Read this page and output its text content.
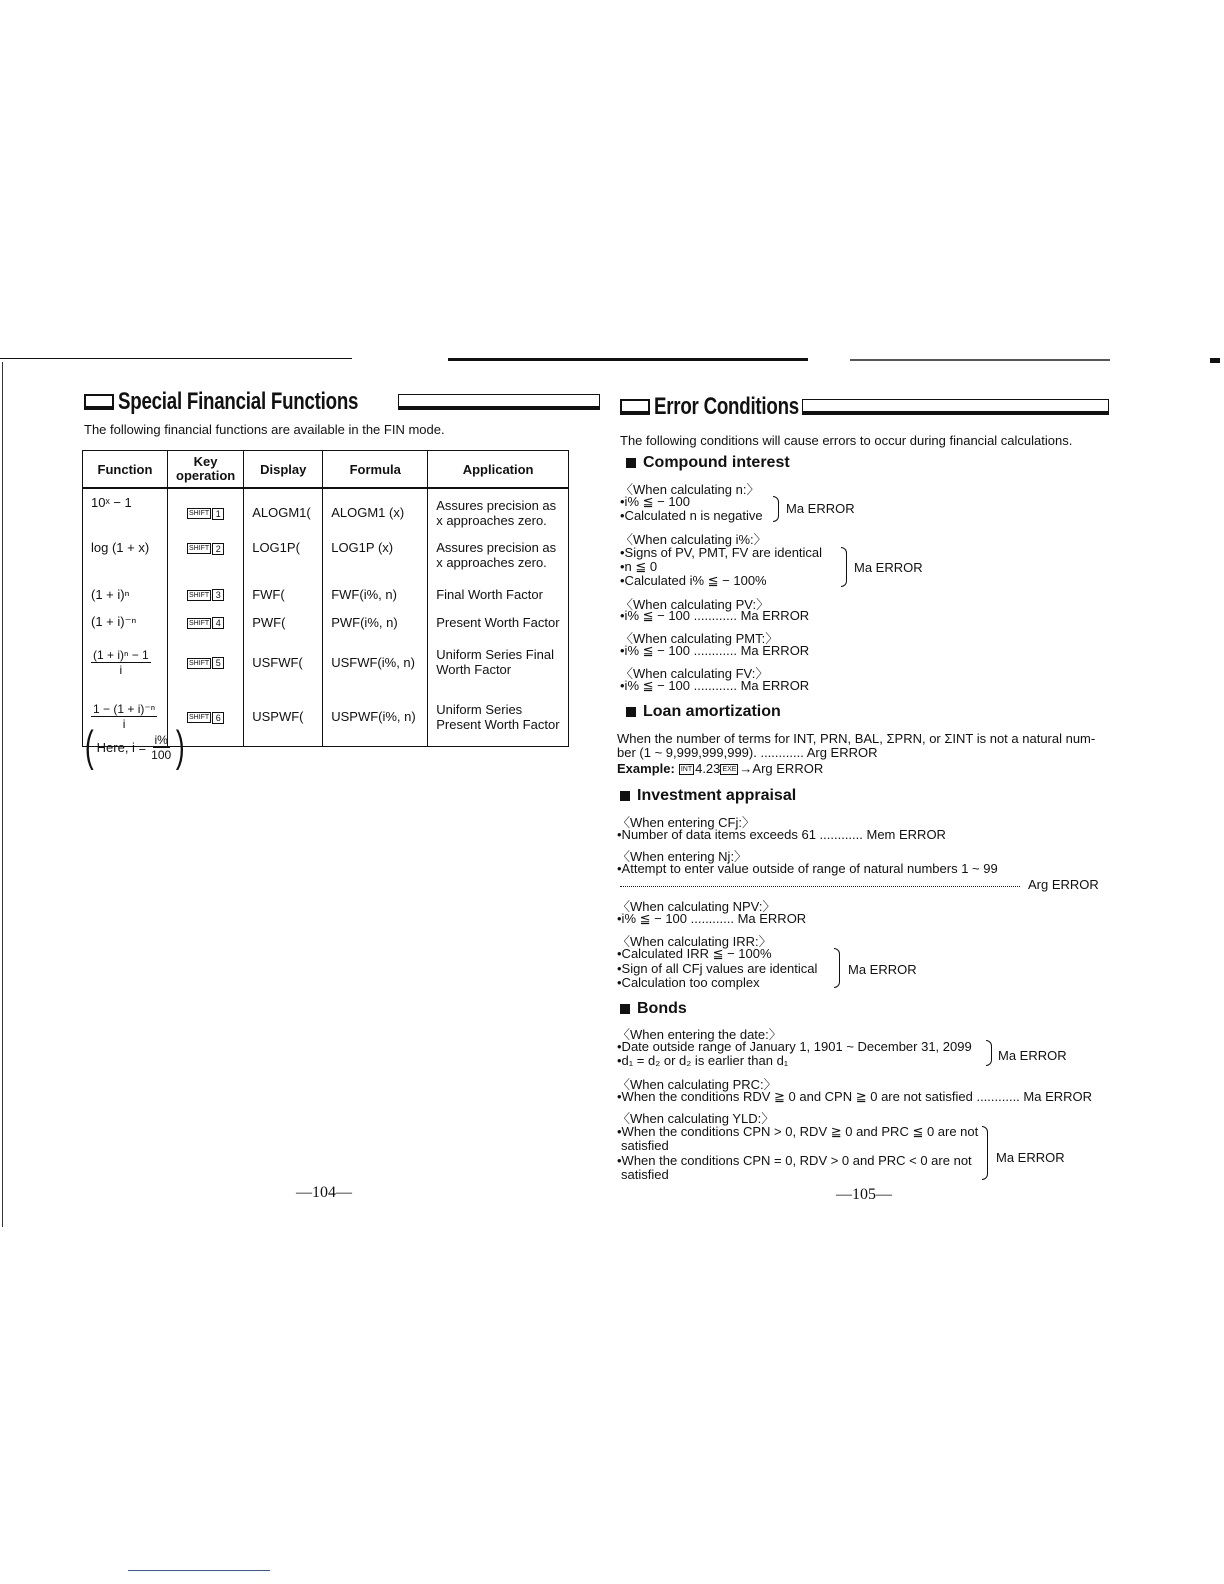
Special Financial Functions
The following financial functions are available in the FIN mode.
Function	Key operation	Display	Formula	Application
10ˣ − 1	SHIFT 1	ALOGM1(	ALOGM1 (x)	Assures precision as x approaches zero.
log (1 + x)	SHIFT 2	LOG1P(	LOG1P (x)	Assures precision as x approaches zero.
(1 + i)ⁿ	SHIFT 3	FWF(	FWF(i%, n)	Final Worth Factor
(1 + i)⁻ⁿ	SHIFT 4	PWF(	PWF(i%, n)	Present Worth Factor

$\frac{\text{(1 + i)ⁿ − 1}}{i}$	SHIFT 5	USFWF(	USFWF(i%, n)	Uniform Series Final Worth Factor

$\frac{\text{1 − (1 + i)⁻ⁿ}}{i}$	SHIFT 6	USPWF(	USPWF(i%, n)	Uniform Series Present Worth Factor
( Here, $i = \frac{i\%}{100}$ )
—104—
Error Conditions
The following conditions will cause errors to occur during financial calculations.
Compound interest
〈When calculating n:〉
•i% ≦ − 100
•Calculated n is negative Ma ERROR
〈When calculating i%:〉
•Signs of PV, PMT, FV are identical
•n ≦ 0
•Calculated i% ≦ − 100%
Ma ERROR
〈When calculating PV:〉
•i% ≦ − 100 ............ Ma ERROR
〈When calculating PMT:〉
•i% ≦ − 100 ............ Ma ERROR
〈When calculating FV:〉
•i% ≦ − 100 ............ Ma ERROR
Loan amortization
When the number of terms for INT, PRN, BAL, ΣPRN, or ΣINT is not a natural num-
ber (1 ~ 9,999,999,999). ............ Arg ERROR
Example: INT 4.23 EXE →Arg ERROR
Investment appraisal
〈When entering CFj:〉
•Number of data items exceeds 61 ............ Mem ERROR
〈When entering Nj:〉
•Attempt to enter value outside of range of natural numbers 1 ~ 99
Arg ERROR
〈When calculating NPV:〉
•i% ≦ − 100 ............ Ma ERROR
〈When calculating IRR:〉
•Calculated IRR ≦ − 100%
•Sign of all CFj values are identical
•Calculation too complex
Ma ERROR
Bonds
〈When entering the date:〉
•Date outside range of January 1, 1901 ~ December 31, 2099
•d₁ = d₂ or d₂ is earlier than d₁	Ma ERROR
〈When calculating PRC:〉
•When the conditions RDV ≧ 0 and CPN ≧ 0 are not satisfied ............ Ma ERROR
〈When calculating YLD:〉
•When the conditions CPN > 0, RDV ≧ 0 and PRC ≦ 0 are not
satisfied
•When the conditions CPN = 0, RDV > 0 and PRC < 0 are not
satisfied
Ma ERROR
—105—
